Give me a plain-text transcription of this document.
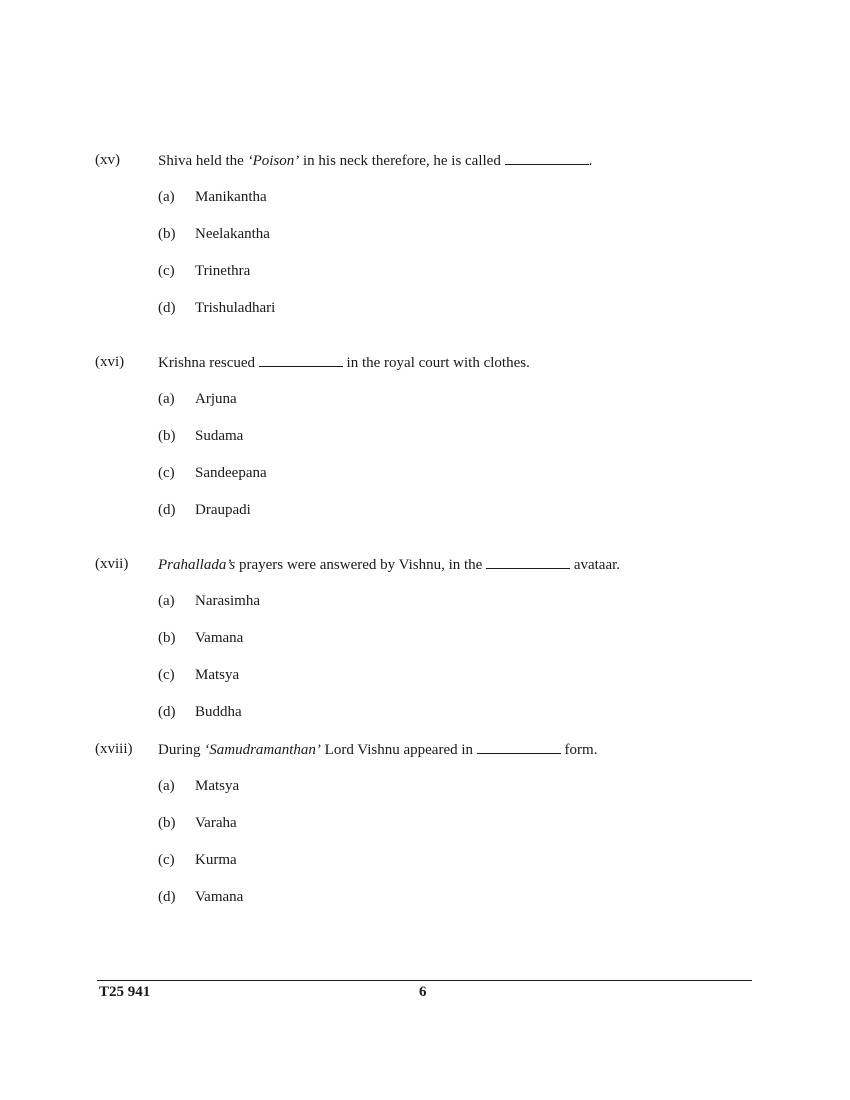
(xv)	Shiva held the ‘Poison’ in his neck therefore, he is called	.
(a) Manikantha
(b) Neelakantha
(c) Trinethra
(d) Trishuladhari
(xvi) Krishna rescued	in the royal court with clothes.
(a) Arjuna
(b) Sudama
(c) Sandeepana
(d) Draupadi
(xvii) Prahallada’s prayers were answered by Vishnu, in the	avataar.
(a) Narasimha
(b) Vamana
(c) Matsya
(d) Buddha
(xviii) During ‘Samudramanthan’ Lord Vishnu appeared in	form.
(a) Matsya
(b) Varaha
(c) Kurma
(d) Vamana
T25 941	6
